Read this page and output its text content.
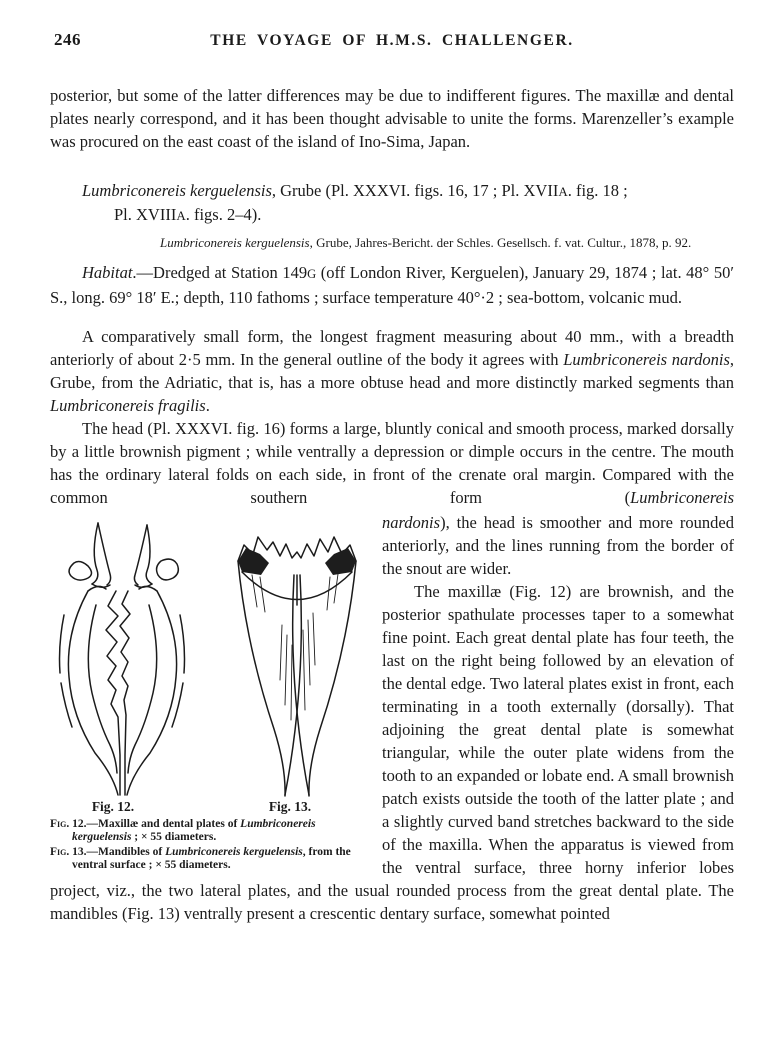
246	THE VOYAGE OF H.M.S. CHALLENGER.

posterior, but some of the latter differences may be due to indifferent figures. The maxillæ and dental plates nearly correspond, and it has been thought advisable to unite the forms. Marenzeller’s example was procured on the east coast of the island of Ino-Sima, Japan.

Lumbriconereis kerguelensis, Grube (Pl. XXXVI. figs. 16, 17 ; Pl. XVIIA. fig. 18 ;
Pl. XVIIIA. figs. 2–4).

Lumbriconereis kerguelensis, Grube, Jahres-Bericht. der Schles. Gesellsch. f. vat. Cultur., 1878, p. 92.

Habitat.—Dredged at Station 149G (off London River, Kerguelen), January 29, 1874 ; lat. 48° 50′ S., long. 69° 18′ E.; depth, 110 fathoms ; surface temperature 40°·2 ; sea-bottom, volcanic mud.

A comparatively small form, the longest fragment measuring about 40 mm., with a breadth anteriorly of about 2·5 mm. In the general outline of the body it agrees with Lumbriconereis nardonis, Grube, from the Adriatic, that is, has a more obtuse head and more distinctly marked segments than Lumbriconereis fragilis.

The head (Pl. XXXVI. fig. 16) forms a large, bluntly conical and smooth process, marked dorsally by a little brownish pigment ; while ventrally a depression or dimple occurs in the centre. The mouth has the ordinary lateral folds on each side, in front of the crenate oral margin. Compared with the common southern form (Lumbriconereis

Fig. 12.	Fig. 13.

Fig. 12.—Maxillæ and dental plates of Lumbriconereis kerguelensis ; × 55 diameters.

Fig. 13.—Mandibles of Lumbriconereis kerguelensis, from the ventral surface ; × 55 diameters.

nardonis), the head is smoother and more rounded anteriorly, and the lines running from the border of the snout are wider.

The maxillæ (Fig. 12) are brownish, and the posterior spathulate processes taper to a somewhat fine point. Each great dental plate has four teeth, the last on the right being followed by an elevation of the dental edge. Two lateral plates exist in front, each terminating in a tooth externally (dorsally). That adjoining the great dental plate is somewhat triangular, while the outer plate widens from the tooth to an expanded or lobate end. A small brownish patch exists outside the tooth of the latter plate ; and a slightly curved band stretches backward to the side of the maxilla. When the apparatus is viewed from the ventral surface, three horny inferior lobes project, viz., the two lateral plates, and the usual rounded process from the great dental plate. The mandibles (Fig. 13) ventrally present a crescentic dentary surface, somewhat pointed
